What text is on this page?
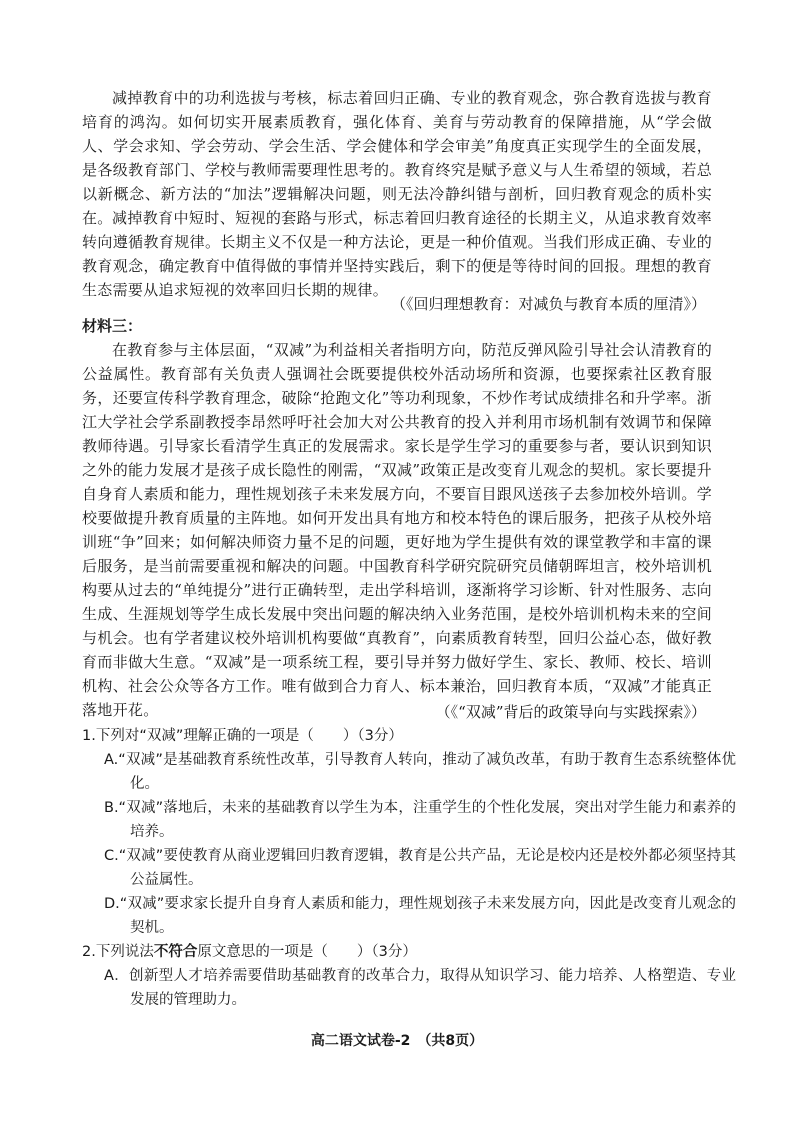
减掉教育中的功利选拔与考核，标志着回归正确、专业的教育观念，弥合教育选拔与教育培育的鸿沟。如何切实开展素质教育，强化体育、美育与劳动教育的保障措施，从“学会做人、学会求知、学会劳动、学会生活、学会健体和学会审美”角度真正实现学生的全面发展，是各级教育部门、学校与教师需要理性思考的。教育终究是赋予意义与人生希望的领域，若总以新概念、新方法的“加法”逻辑解决问题，则无法冷静纠错与剖析，回归教育观念的质朴实在。 减掉教育中短时、短视的套路与形式，标志着回归教育途径的长期主义，从追求教育效率转向遵循教育规律。长期主义不仅是一种方法论，更是一种价值观。当我们形成正确、专业的教育观念，确定教育中值得做的事情并坚持实践后，剩下的便是等待时间的回报。理想的教育生态需要从追求短视的效率回归长期的规律。

（《回归理想教育：对减负与教育本质的厘清》）

材料三：

在教育参与主体层面，“双减”为利益相关者指明方向，防范反弹风险引导社会认清教育的公益属性。教育部有关负责人强调社会既要提供校外活动场所和资源，也要探索社区教育服务，还要宣传科学教育理念，破除“抢跑文化”等功利现象，不炒作考试成绩排名和升学率。浙江大学社会学系副教授李昂然呼吁社会加大对公共教育的投入并利用市场机制有效调节和保障教师待遇。引导家长看清学生真正的发展需求。家长是学生学习的重要参与者，要认识到知识之外的能力发展才是孩子成长隐性的刚需，“双减”政策正是改变育儿观念的契机。家长要提升自身育人素质和能力，理性规划孩子未来发展方向，不要盲目跟风送孩子去参加校外培训。学校要做提升教育质量的主阵地。如何开发出具有地方和校本特色的课后服务，把孩子从校外培训班“争”回来；如何解决师资力量不足的问题，更好地为学生提供有效的课堂教学和丰富的课后服务，是当前需要重视和解决的问题。中国教育科学研究院研究员储朝晖坦言，校外培训机构要从过去的“单纯提分”进行正确转型，走出学科培训，逐渐将学习诊断、针对性服务、志向生成、生涯规划等学生成长发展中突出问题的解决纳入业务范围，是校外培训机构未来的空间与机会。也有学者建议校外培训机构要做“真教育”，向素质教育转型，回归公益心态，做好教育而非做大生意。“双减”是一项系统工程，要引导并努力做好学生、家长、教师、校长、培训机构、社会公众等各方工作。唯有做到合力育人、标本兼治，回归教育本质，“双减”才能真正落地开花。	（《“双减”背后的政策导向与实践探索》）

1.下列对“双减”理解正确的一项是（　　）（3分）

A.“双减”是基础教育系统性改革，引导教育人转向，推动了减负改革，有助于教育生态系统整体优化。

B.“双减”落地后，未来的基础教育以学生为本，注重学生的个性化发展，突出对学生能力和素养的培养。

C.“双减”要使教育从商业逻辑回归教育逻辑，教育是公共产品，无论是校内还是校外都必须坚持其公益属性。

D.“双减”要求家长提升自身育人素质和能力，理性规划孩子未来发展方向，因此是改变育儿观念的契机。

2.下列说法不符合原文意思的一项是（　　）（3分）

A．创新型人才培养需要借助基础教育的改革合力，取得从知识学习、能力培养、人格塑造、专业发展的管理助力。

高二语文试卷-2　（共8页）
